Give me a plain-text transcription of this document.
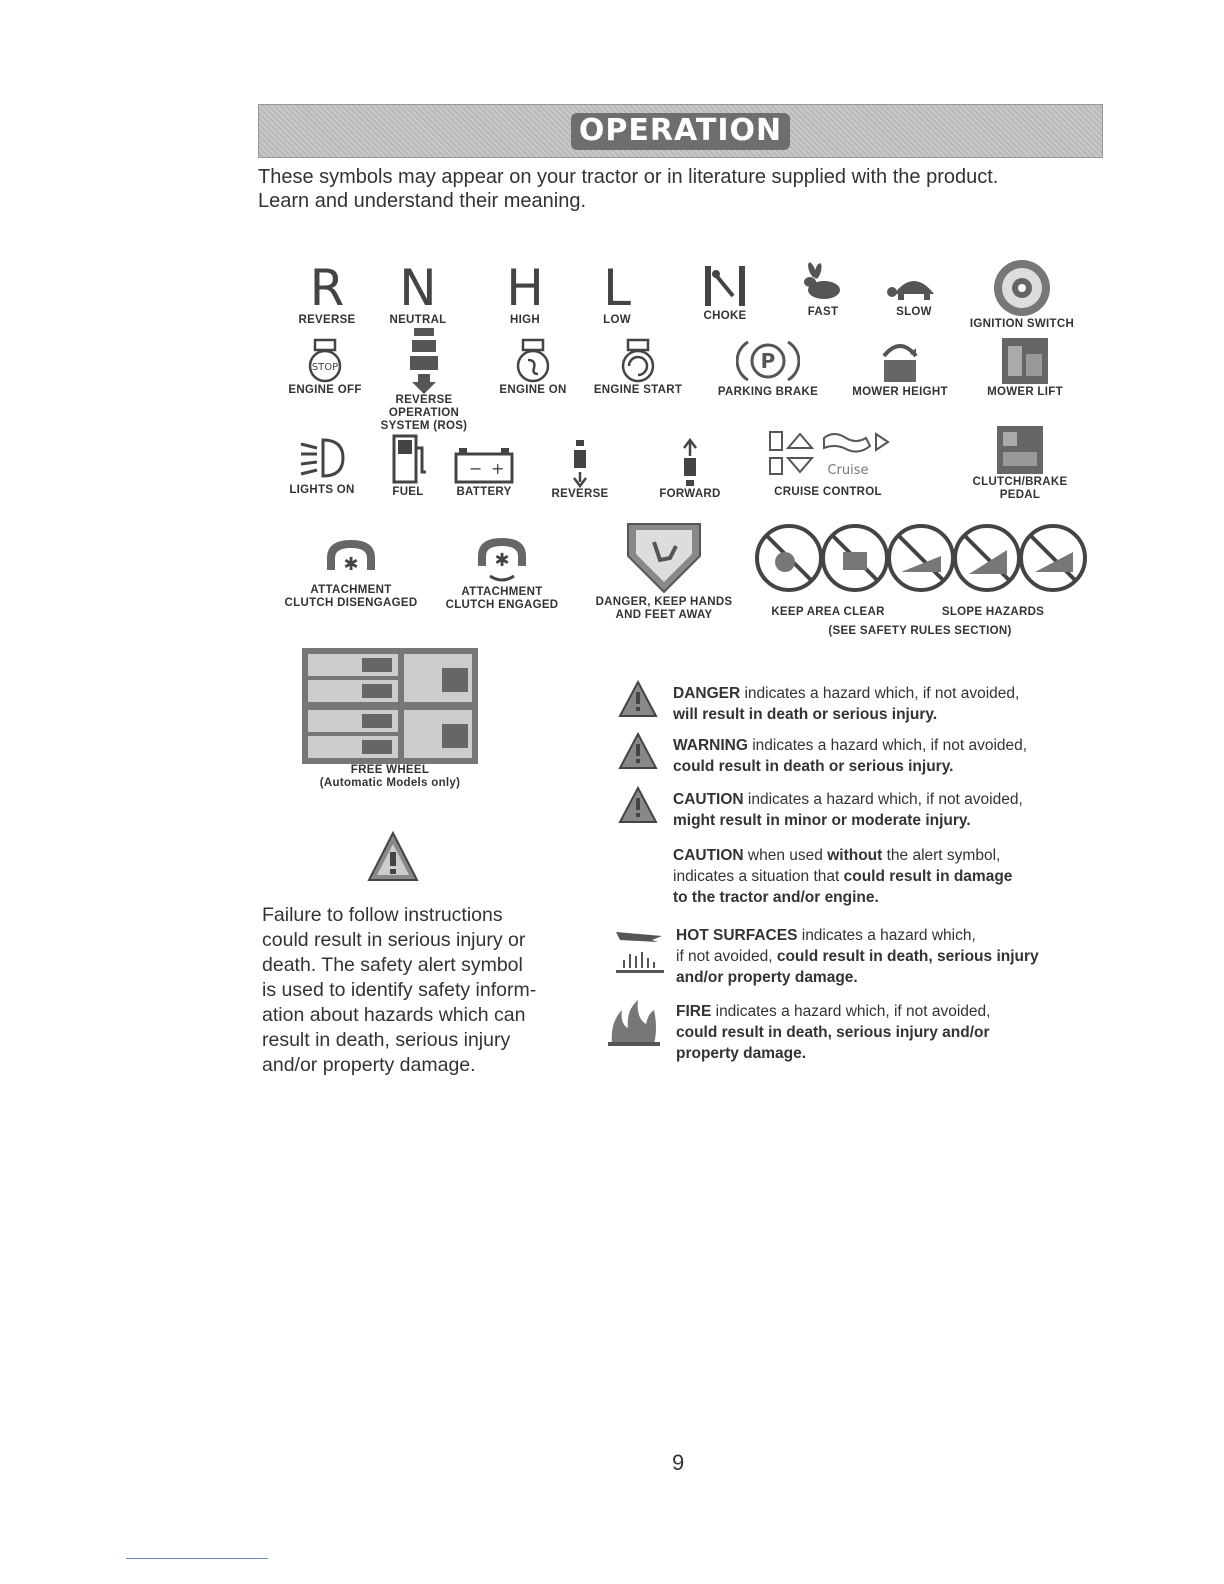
OPERATION
These symbols may appear on your tractor or in literature supplied with the product.
Learn and understand their meaning.
R
REVERSE
N
NEUTRAL
H
HIGH
L
LOW	CHOKE	FAST	SLOW
IGNITION SWITCH
STOP
ENGINE OFF
REVERSE
OPERATION
SYSTEM (ROS)
ENGINE ON	ENGINE START
P
PARKING BRAKE	MOWER HEIGHT	MOWER LIFT
LIGHTS ON	FUEL
− +
BATTERY	REVERSE	FORWARD
Cruise
CRUISE CONTROL
CLUTCH/BRAKE
PEDAL
✱
ATTACHMENT
CLUTCH DISENGAGED
✱
ATTACHMENT
CLUTCH ENGAGED	DANGER, KEEP HANDS
AND FEET AWAY	KEEP AREA CLEAR	SLOPE HAZARDS
(SEE SAFETY RULES SECTION)
FREE WHEEL
(Automatic Models only)
Failure to follow instructions
could result in serious injury or
death. The safety alert symbol
is used to identify safety inform-
ation about hazards which can
result in death, serious injury
and/or property damage.
DANGER indicates a hazard which, if not avoided,
will result in death or serious injury.
WARNING indicates a hazard which, if not avoided,
could result in death or serious injury.
CAUTION indicates a hazard which, if not avoided,
might result in minor or moderate injury.
CAUTION when used without the alert symbol,
indicates a situation that could result in damage
to the tractor and/or engine.
HOT SURFACES indicates a hazard which,
if not avoided, could result in death, serious injury
and/or property damage.
FIRE indicates a hazard which, if not avoided,
could result in death, serious injury and/or
property damage.
9
